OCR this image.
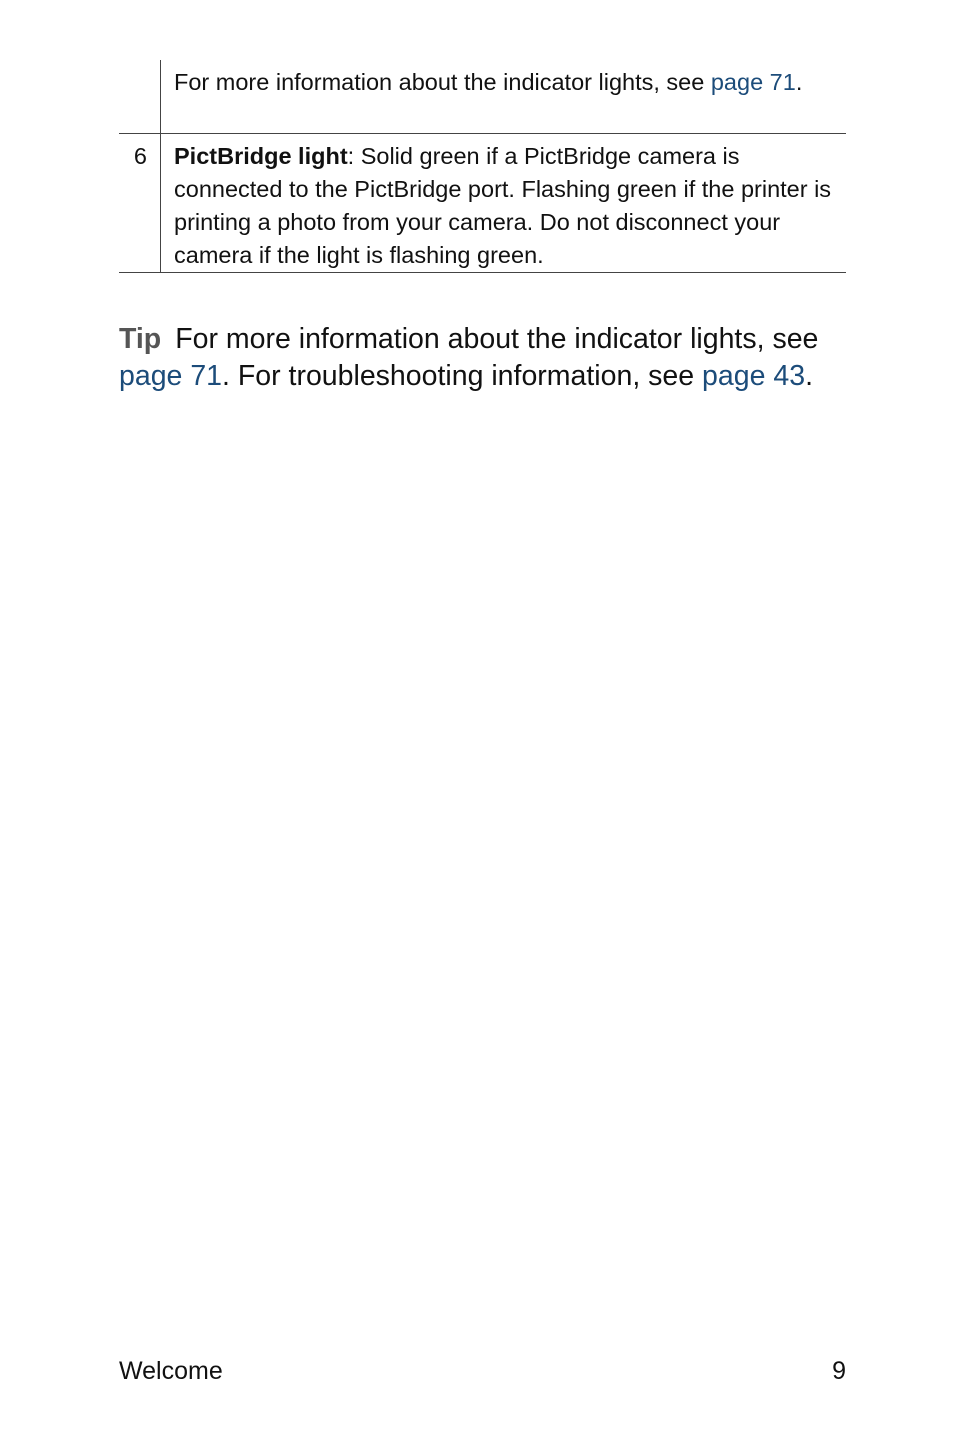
For more information about the indicator lights, see page 71.
6	PictBridge light: Solid green if a PictBridge camera is connected to the PictBridge port. Flashing green if the printer is printing a photo from your camera. Do not disconnect your camera if the light is flashing green.
Tip For more information about the indicator lights, see page 71. For troubleshooting information, see page 43.
Welcome	9
